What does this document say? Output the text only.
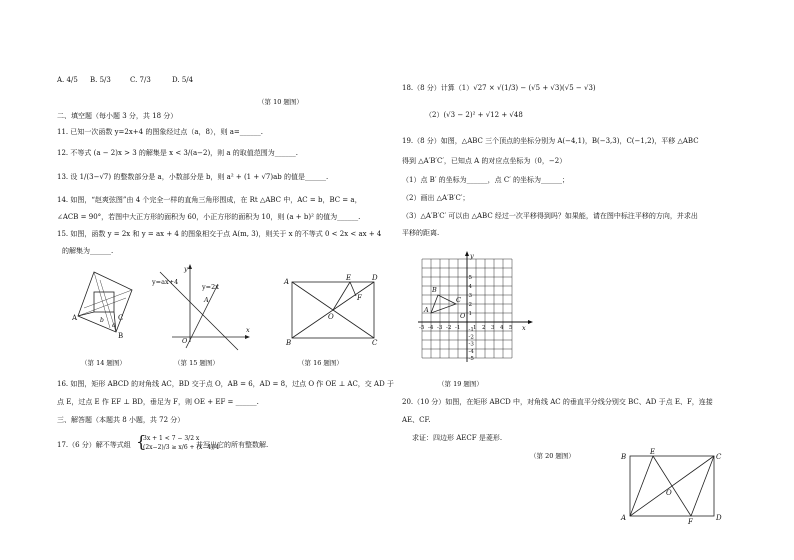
A. 4/5 B. 5/3	C. 7/3	D. 5/4
（第 10 题图）
二、填空题（每小题 3 分，共 18 分）
11. 已知一次函数 y=2x+4 的图象经过点（a，8），则 a=______.
12. 不等式 (a − 2)x > 3 的解集是 x < 3/(a−2)，则 a 的取值范围为______.
13. 设 1/(3−√7) 的整数部分是 a，小数部分是 b，则 a² + (1 + √7)ab 的值是______.
14. 如图，“赵爽弦图”由 4 个完全一样的直角三角形围成，在 Rt △ABC 中，AC = b，BC = a，
∠ACB = 90°，若图中大正方形的面积为 60，小正方形的面积为 10，则 (a + b)² 的值为______.
15. 如图，函数 y = 2x 和 y = ax + 4 的图象相交于点 A(m, 3)，则关于 x 的不等式 0 < 2x < ax + 4
的解集为______.
A
B
C
b
a
（第 14 题图）
y=ax+4
y=2x
y
x
O
A
（第 15 题图）
A
B	C
D
E
F
O
（第 16 题图）
16. 如图，矩形 ABCD 的对角线 AC，BD 交于点 O，AB = 6，AD = 8，过点 O 作 OE ⊥ AC，交 AD 于
点 E，过点 E 作 EF ⊥ BD，垂足为 F，则 OE + EF = ______.
三、解答题（本题共 8 小题，共 72 分）
17.（6 分）解不等式组 {
3x + 1 < 7 − 3/2 x
(2x−2)/3 ≥ x/6 + (x−4)/4
并写出它的所有整数解.
18.（8 分）计算（1）√27 × √(1/3) − (√5 + √3)(√5 − √3)
（2）(√3 − 2)² + √12 + √48
19.（8 分）如图，△ABC 三个顶点的坐标分别为 A(−4,1)，B(−3,3)，C(−1,2)，平移 △ABC
得到 △A′B′C′，已知点 A 的对应点坐标为（0，−2）
（1）点 B′ 的坐标为______，点 C′ 的坐标为______；
（2）画出 △A′B′C′；
（3）△A′B′C′ 可以由 △ABC 经过一次平移得到吗？如果能，请在图中标注平移的方向，并求出
平移的距离.
-5 -4 -3 -2 -1 1 2 3 4 5
5
4
3
2
1
-1
-2
-3
-4
-5
x
y
O
A
B
C
（第 19 题图）
20.（10 分）如图，在矩形 ABCD 中，对角线 AC 的垂直平分线分别交 BC、AD 于点 E、F，连接
AE、CF.
求证：四边形 AECF 是菱形.
（第 20 题图）
A
B	C
D
E
F
O
